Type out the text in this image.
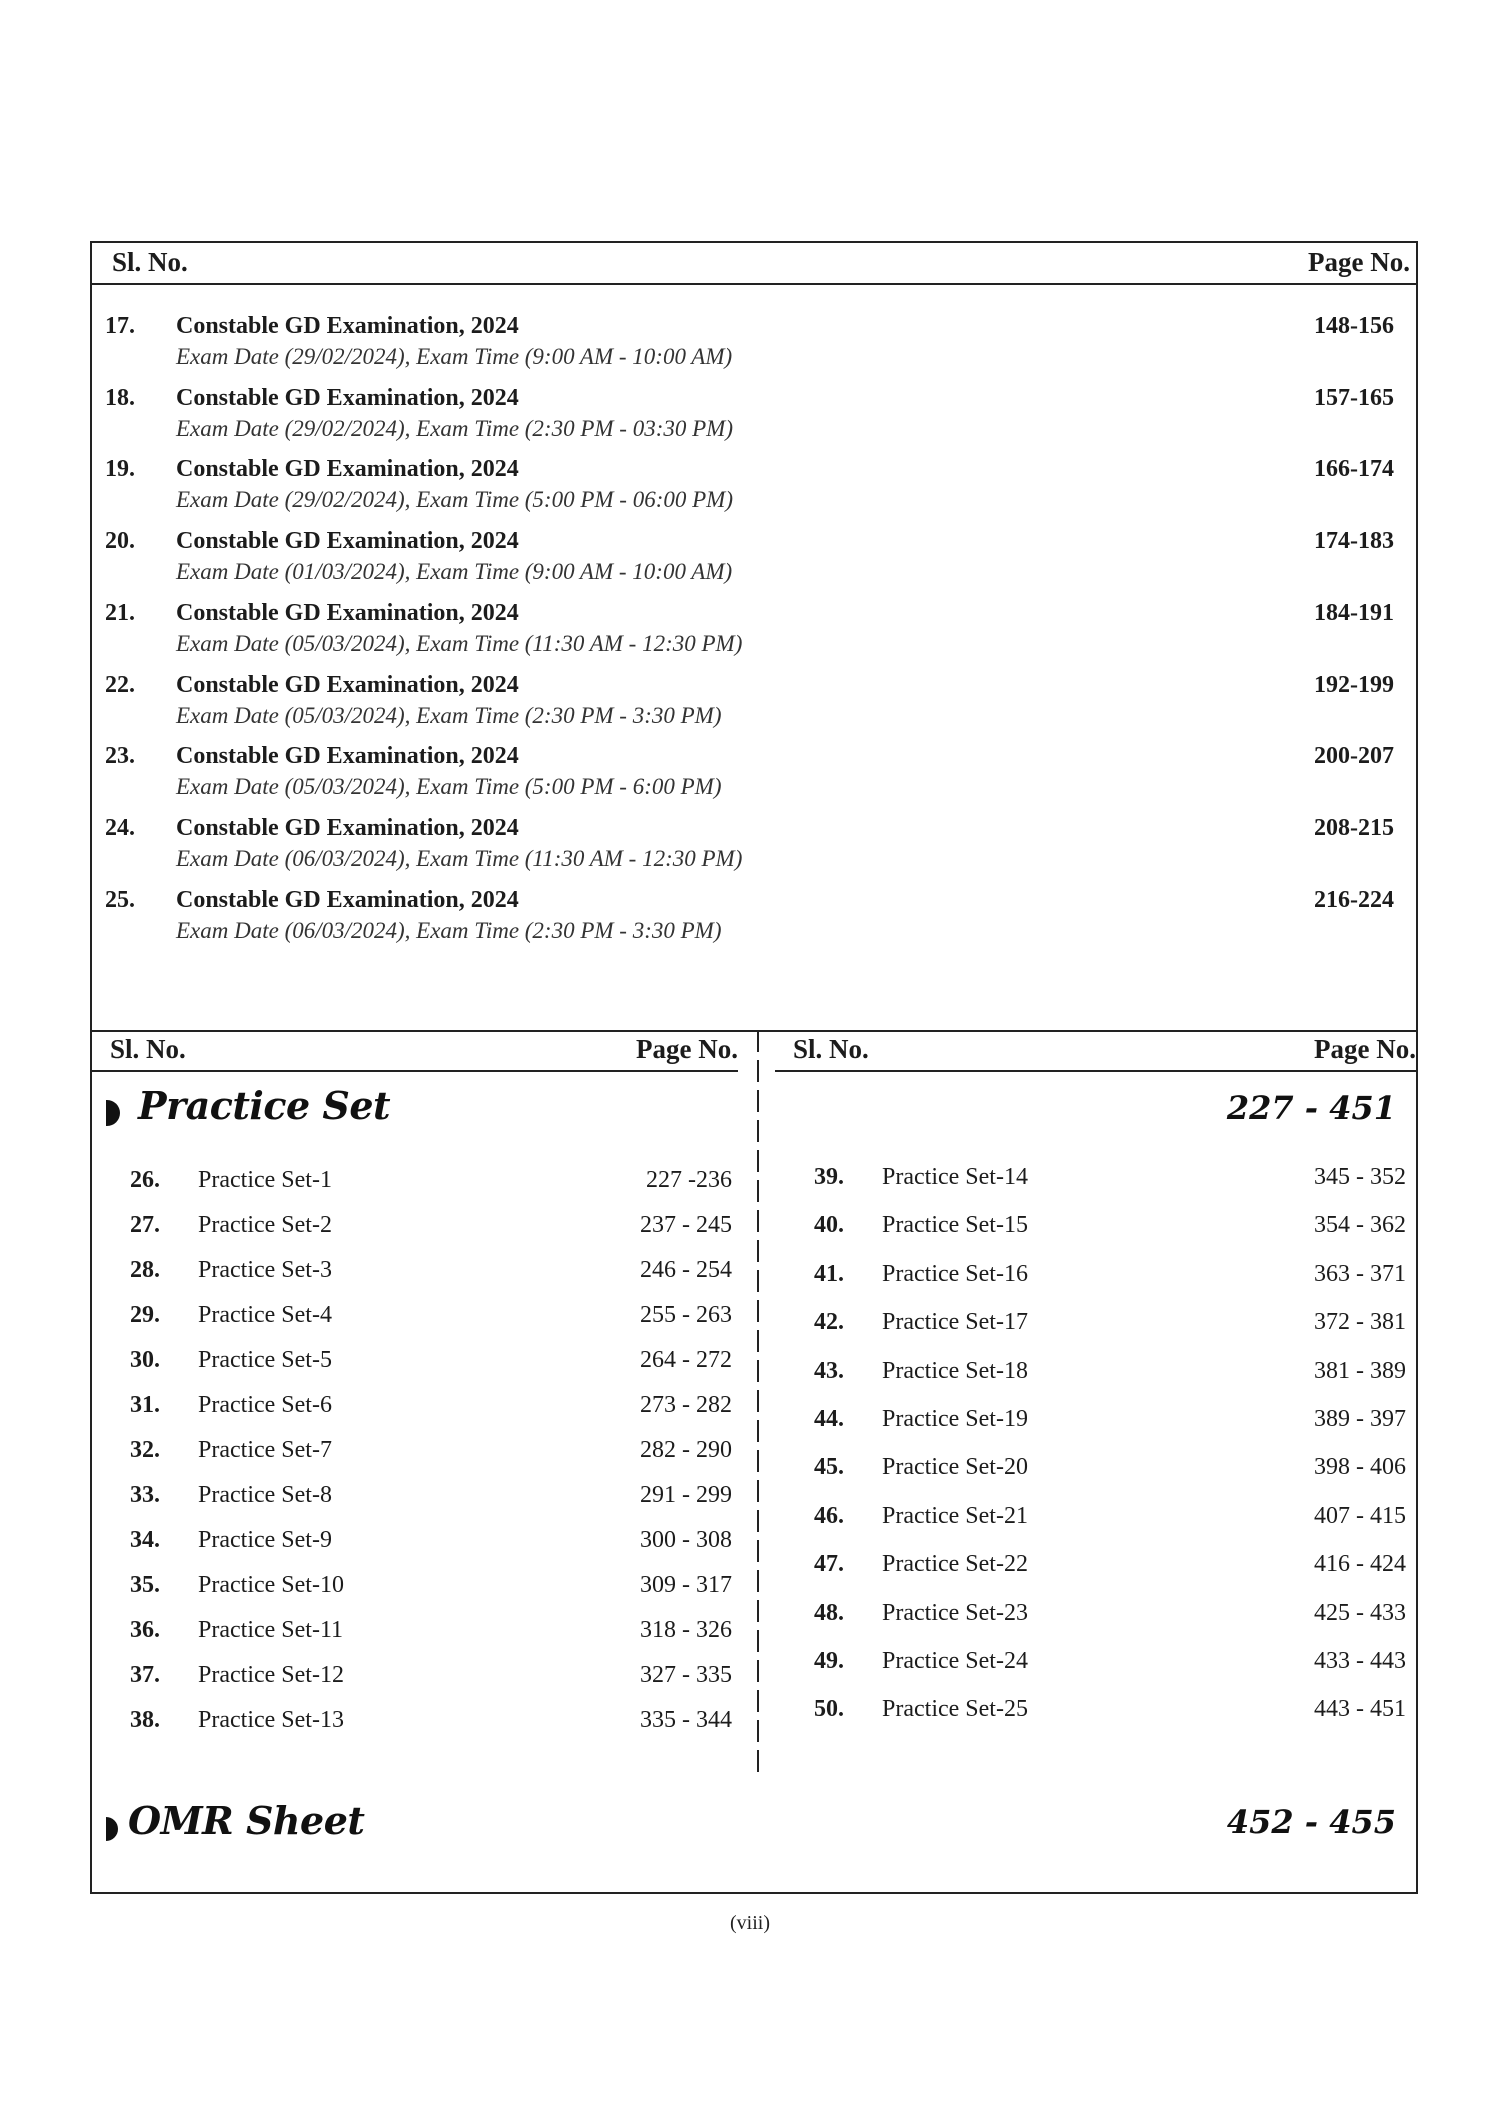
Sl. No.	Page No.
17. Constable GD Examination, 2024
Exam Date (29/02/2024), Exam Time (9:00 AM - 10:00 AM)
148-156
18. Constable GD Examination, 2024
Exam Date (29/02/2024), Exam Time (2:30 PM - 03:30 PM)
157-165
19. Constable GD Examination, 2024
Exam Date (29/02/2024), Exam Time (5:00 PM - 06:00 PM)
166-174
20. Constable GD Examination, 2024
Exam Date (01/03/2024), Exam Time (9:00 AM - 10:00 AM)
174-183
21. Constable GD Examination, 2024
Exam Date (05/03/2024), Exam Time (11:30 AM - 12:30 PM)
184-191
22. Constable GD Examination, 2024
Exam Date (05/03/2024), Exam Time (2:30 PM - 3:30 PM)
192-199
23. Constable GD Examination, 2024
Exam Date (05/03/2024), Exam Time (5:00 PM - 6:00 PM)
200-207
24. Constable GD Examination, 2024
Exam Date (06/03/2024), Exam Time (11:30 AM - 12:30 PM)
208-215
25. Constable GD Examination, 2024
Exam Date (06/03/2024), Exam Time (2:30 PM - 3:30 PM)
216-224
Sl. No.	Page No. Sl. No.	Page No.
Practice Set	227 - 451
26. Practice Set-1	227 -236
27. Practice Set-2	237 - 245
28. Practice Set-3	246 - 254
29. Practice Set-4	255 - 263
30. Practice Set-5	264 - 272
31. Practice Set-6	273 - 282
32. Practice Set-7	282 - 290
33. Practice Set-8	291 - 299
34. Practice Set-9	300 - 308
35. Practice Set-10	309 - 317
36. Practice Set-11	318 - 326
37. Practice Set-12	327 - 335
38. Practice Set-13	335 - 344
39. Practice Set-14	345 - 352
40. Practice Set-15	354 - 362
41. Practice Set-16	363 - 371
42. Practice Set-17	372 - 381
43. Practice Set-18	381 - 389
44. Practice Set-19	389 - 397
45. Practice Set-20	398 - 406
46. Practice Set-21	407 - 415
47. Practice Set-22	416 - 424
48. Practice Set-23	425 - 433
49. Practice Set-24	433 - 443
50. Practice Set-25	443 - 451
OMR Sheet	452 - 455
(viii)
